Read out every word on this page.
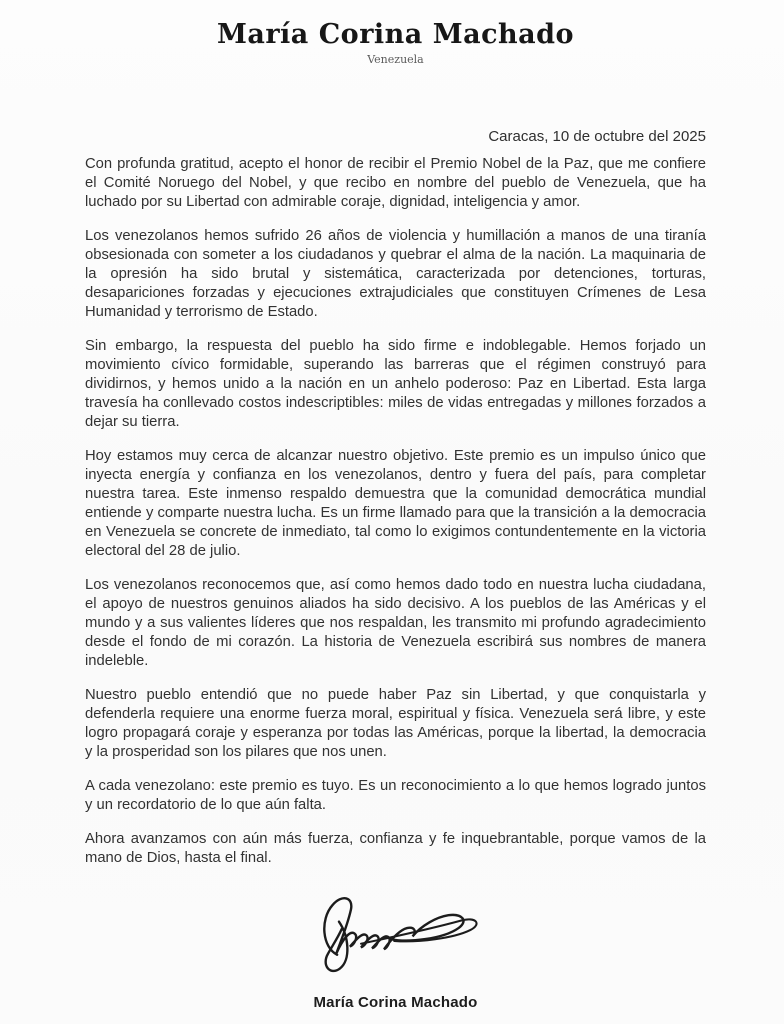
María Corina Machado
Venezuela
Caracas, 10 de octubre del 2025

Con profunda gratitud, acepto el honor de recibir el Premio Nobel de la Paz, que me confiere el Comité Noruego del Nobel, y que recibo en nombre del pueblo de Venezuela, que ha luchado por su Libertad con admirable coraje, dignidad, inteligencia y amor.

Los venezolanos hemos sufrido 26 años de violencia y humillación a manos de una tiranía obsesionada con someter a los ciudadanos y quebrar el alma de la nación. La maquinaria de la opresión ha sido brutal y sistemática, caracterizada por detenciones, torturas, desapariciones forzadas y ejecuciones extrajudiciales que constituyen Crímenes de Lesa Humanidad y terrorismo de Estado.

Sin embargo, la respuesta del pueblo ha sido firme e indoblegable. Hemos forjado un movimiento cívico formidable, superando las barreras que el régimen construyó para dividirnos, y hemos unido a la nación en un anhelo poderoso: Paz en Libertad. Esta larga travesía ha conllevado costos indescriptibles: miles de vidas entregadas y millones forzados a dejar su tierra.

Hoy estamos muy cerca de alcanzar nuestro objetivo. Este premio es un impulso único que inyecta energía y confianza en los venezolanos, dentro y fuera del país, para completar nuestra tarea. Este inmenso respaldo demuestra que la comunidad democrática mundial entiende y comparte nuestra lucha. Es un firme llamado para que la transición a la democracia en Venezuela se concrete de inmediato, tal como lo exigimos contundentemente en la victoria electoral del 28 de julio.

Los venezolanos reconocemos que, así como hemos dado todo en nuestra lucha ciudadana, el apoyo de nuestros genuinos aliados ha sido decisivo. A los pueblos de las Américas y el mundo y a sus valientes líderes que nos respaldan, les transmito mi profundo agradecimiento desde el fondo de mi corazón. La historia de Venezuela escribirá sus nombres de manera indeleble.

Nuestro pueblo entendió que no puede haber Paz sin Libertad, y que conquistarla y defenderla requiere una enorme fuerza moral, espiritual y física. Venezuela será libre, y este logro propagará coraje y esperanza por todas las Américas, porque la libertad, la democracia y la prosperidad son los pilares que nos unen.

A cada venezolano: este premio es tuyo. Es un reconocimiento a lo que hemos logrado juntos y un recordatorio de lo que aún falta.

Ahora avanzamos con aún más fuerza, confianza y fe inquebrantable, porque vamos de la mano de Dios, hasta el final.

María Corina Machado
